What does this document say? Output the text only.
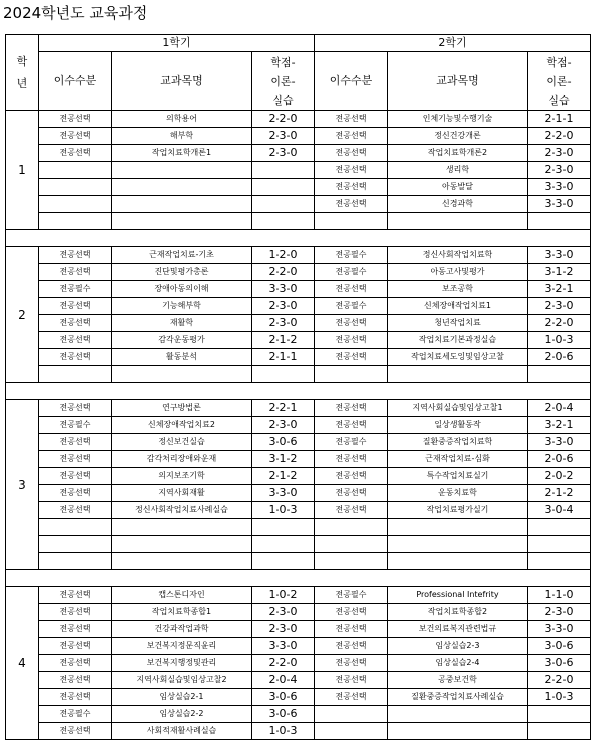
2024학년도 교육과정
학
년	1학기			2학기		
	이수수분	교과목명	학점-
이론-
실습	이수수분	교과목명	학점-
이론-
실습
1	전공선택	의학용어	2-2-0	전공선택	인체기능및수행기술	2-1-1
	전공선택	해부학	2-3-0	전공선택	정신건강개론	2-2-0
	전공선택	작업치료학개론1	2-3-0	전공선택	작업치료학개론2	2-3-0
				전공선택	생리학	2-3-0
				전공선택	아동발달	3-3-0
				전공선택	신경과학	3-3-0

2	전공선택	근재작업치료-기초	1-2-0	전공필수	정신사회작업치료학	3-3-0
	전공선택	진단및평가총론	2-2-0	전공필수	아동고사및평가	3-1-2
	전공필수	장애아동의이해	3-3-0	전공선택	보조공학	3-2-1
	전공선택	기능해부학	2-3-0	전공필수	신체장애작업치료1	2-3-0
	전공선택	재활학	2-3-0	전공선택	청년작업치료	2-2-0
	전공선택	감각운동평가	2-1-2	전공선택	작업치료기본과정실습	1-0-3
	전공선택	활동분석	2-1-1	전공선택	작업치료세도잉및임상고찰	2-0-6

3	전공선택	연구방법론	2-2-1	전공선택	지역사회실습및임상고찰1	2-0-4
	전공필수	신체장애작업치료2	2-3-0	전공선택	일상생활동작	3-2-1
	전공선택	정신보건실습	3-0-6	전공필수	질환중증작업치료학	3-3-0
	전공선택	감각처리장애와운재	3-1-2	전공선택	근재작업치료-심화	2-0-6
	전공선택	의지보조기학	2-1-2	전공선택	특수작업치료실기	2-0-2
	전공선택	지역사회재활	3-3-0	전공선택	운동치료학	2-1-2
	전공선택	정신사회작업치료사례실습	1-0-3	전공선택	작업치료평가실기	3-0-4

4	전공선택	캡스톤디자인	1-0-2	전공필수	Professional Intefrity	1-1-0
	전공선택	작업치료학종합1	2-3-0	전공선택	작업치료학종합2	2-3-0
	전공선택	건강과작업과학	2-3-0	전공선택	보건의료복지관련법규	3-3-0
	전공선택	보건복지정문직윤리	3-3-0	전공선택	임상실습2-3	3-0-6
	전공선택	보건복지행정및관리	2-2-0	전공선택	임상실습2-4	3-0-6
	전공선택	지역사회실습및임상고찰2	2-0-4	전공선택	공중보건학	2-2-0
	전공선택	임상실습2-1	3-0-6	전공선택	질환중증작업치료사례실습	1-0-3
	전공필수	임상실습2-2	3-0-6			
	전공선택	사회적재활사례실습	1-0-3			
